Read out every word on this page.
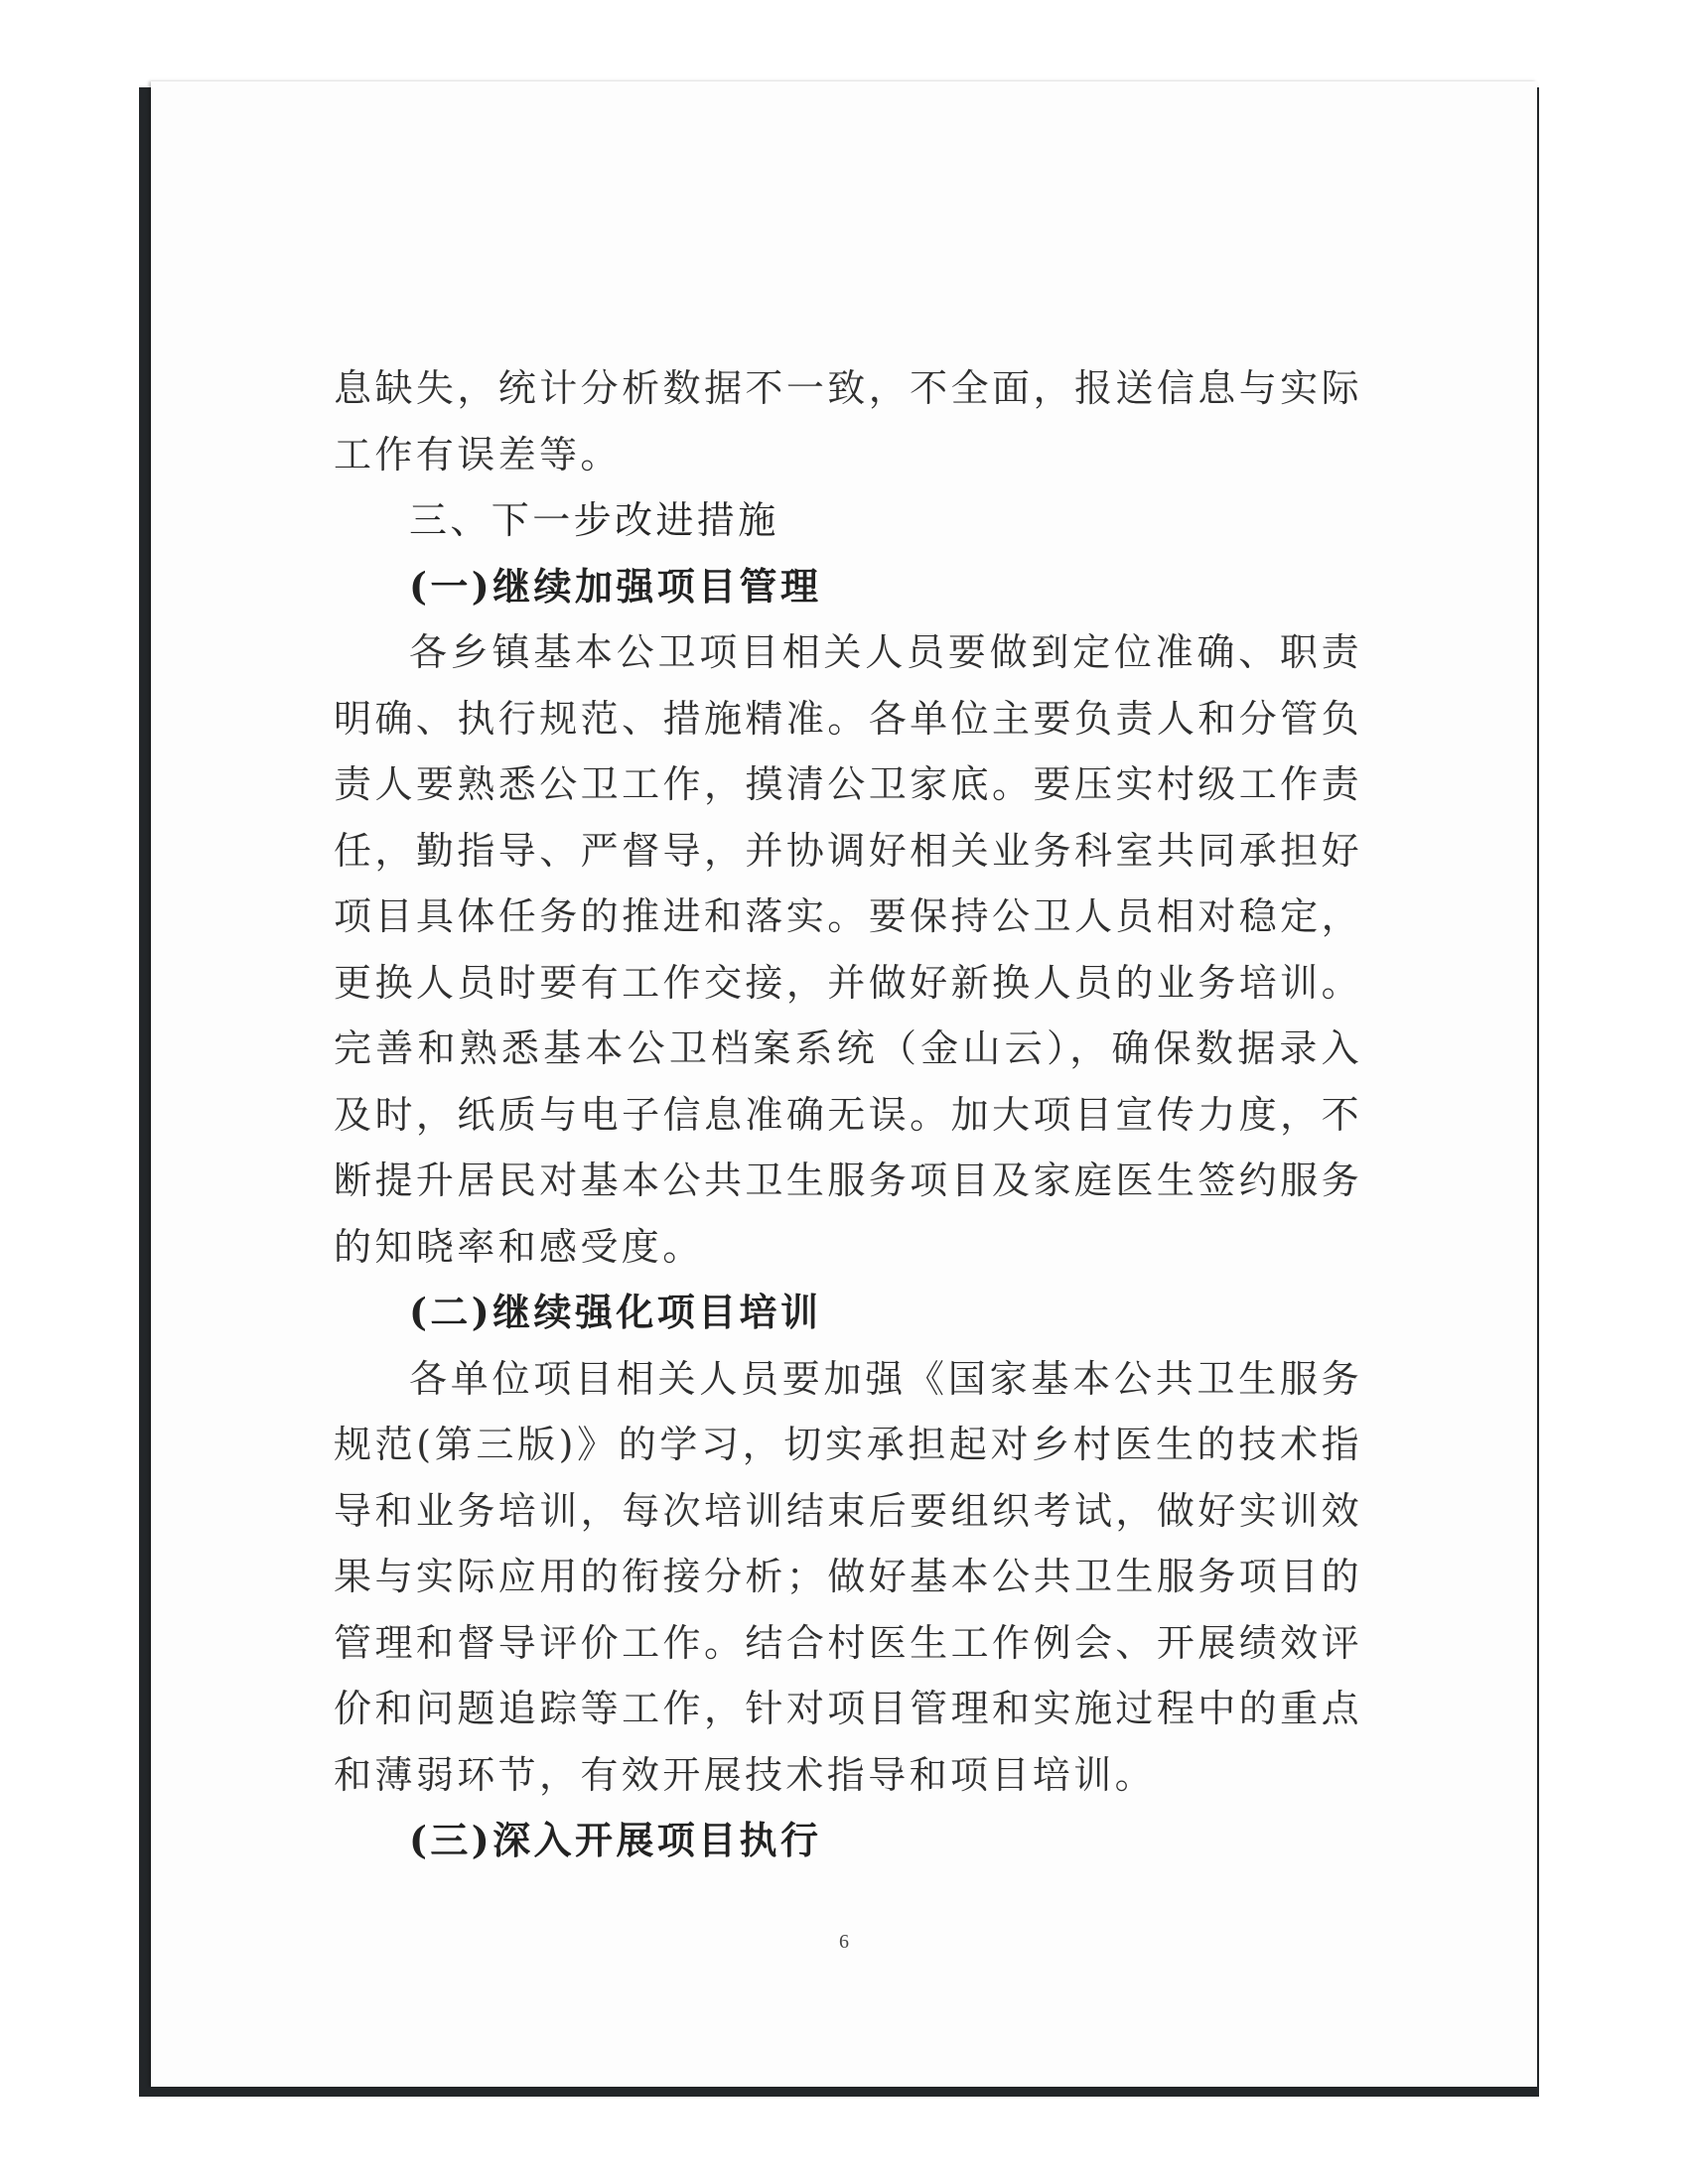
息缺失，统计分析数据不一致，不全面，报送信息与实际工作有误差等。

三、下一步改进措施
(一)继续加强项目管理

各乡镇基本公卫项目相关人员要做到定位准确、职责明确、执行规范、措施精准。各单位主要负责人和分管负责人要熟悉公卫工作，摸清公卫家底。要压实村级工作责任，勤指导、严督导，并协调好相关业务科室共同承担好项目具体任务的推进和落实。要保持公卫人员相对稳定，更换人员时要有工作交接，并做好新换人员的业务培训。完善和熟悉基本公卫档案系统（金山云），确保数据录入及时，纸质与电子信息准确无误。加大项目宣传力度，不断提升居民对基本公共卫生服务项目及家庭医生签约服务的知晓率和感受度。

(二)继续强化项目培训

各单位项目相关人员要加强《国家基本公共卫生服务规范(第三版)》的学习，切实承担起对乡村医生的技术指导和业务培训，每次培训结束后要组织考试，做好实训效果与实际应用的衔接分析；做好基本公共卫生服务项目的管理和督导评价工作。结合村医生工作例会、开展绩效评价和问题追踪等工作，针对项目管理和实施过程中的重点和薄弱环节，有效开展技术指导和项目培训。

(三)深入开展项目执行
6
